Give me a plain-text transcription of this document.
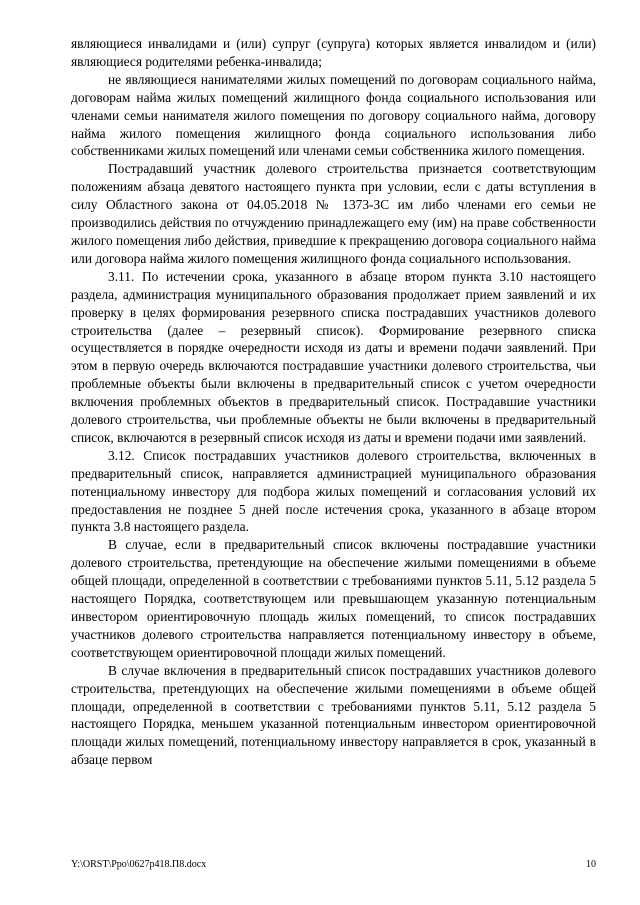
являющиеся инвалидами и (или) супруг (супруга) которых является инвалидом и (или) являющиеся родителями ребенка-инвалида;

не являющиеся нанимателями жилых помещений по договорам социального найма, договорам найма жилых помещений жилищного фонда социального использования или членами семьи нанимателя жилого помещения по договору социального найма, договору найма жилого помещения жилищного фонда социального использования либо собственниками жилых помещений или членами семьи собственника жилого помещения.

Пострадавший участник долевого строительства признается соответствующим положениям абзаца девятого настоящего пункта при условии, если с даты вступления в силу Областного закона от 04.05.2018 № 1373-ЗС им либо членами его семьи не производились действия по отчуждению принадлежащего ему (им) на праве собственности жилого помещения либо действия, приведшие к прекращению договора социального найма или договора найма жилого помещения жилищного фонда социального использования.

3.11. По истечении срока, указанного в абзаце втором пункта 3.10 настоящего раздела, администрация муниципального образования продолжает прием заявлений и их проверку в целях формирования резервного списка пострадавших участников долевого строительства (далее – резервный список). Формирование резервного списка осуществляется в порядке очередности исходя из даты и времени подачи заявлений. При этом в первую очередь включаются пострадавшие участники долевого строительства, чьи проблемные объекты были включены в предварительный список с учетом очередности включения проблемных объектов в предварительный список. Пострадавшие участники долевого строительства, чьи проблемные объекты не были включены в предварительный список, включаются в резервный список исходя из даты и времени подачи ими заявлений.

3.12. Список пострадавших участников долевого строительства, включенных в предварительный список, направляется администрацией муниципального образования потенциальному инвестору для подбора жилых помещений и согласования условий их предоставления не позднее 5 дней после истечения срока, указанного в абзаце втором пункта 3.8 настоящего раздела.

В случае, если в предварительный список включены пострадавшие участники долевого строительства, претендующие на обеспечение жилыми помещениями в объеме общей площади, определенной в соответствии с требованиями пунктов 5.11, 5.12 раздела 5 настоящего Порядка, соответствующем или превышающем указанную потенциальным инвестором ориентировочную площадь жилых помещений, то список пострадавших участников долевого строительства направляется потенциальному инвестору в объеме, соответствующем ориентировочной площади жилых помещений.

В случае включения в предварительный список пострадавших участников долевого строительства, претендующих на обеспечение жилыми помещениями в объеме общей площади, определенной в соответствии с требованиями пунктов 5.11, 5.12 раздела 5 настоящего Порядка, меньшем указанной потенциальным инвестором ориентировочной площади жилых помещений, потенциальному инвестору направляется в срок, указанный в абзаце первом

Y:\ORST\Ppo\0627p418.П8.docx	10
